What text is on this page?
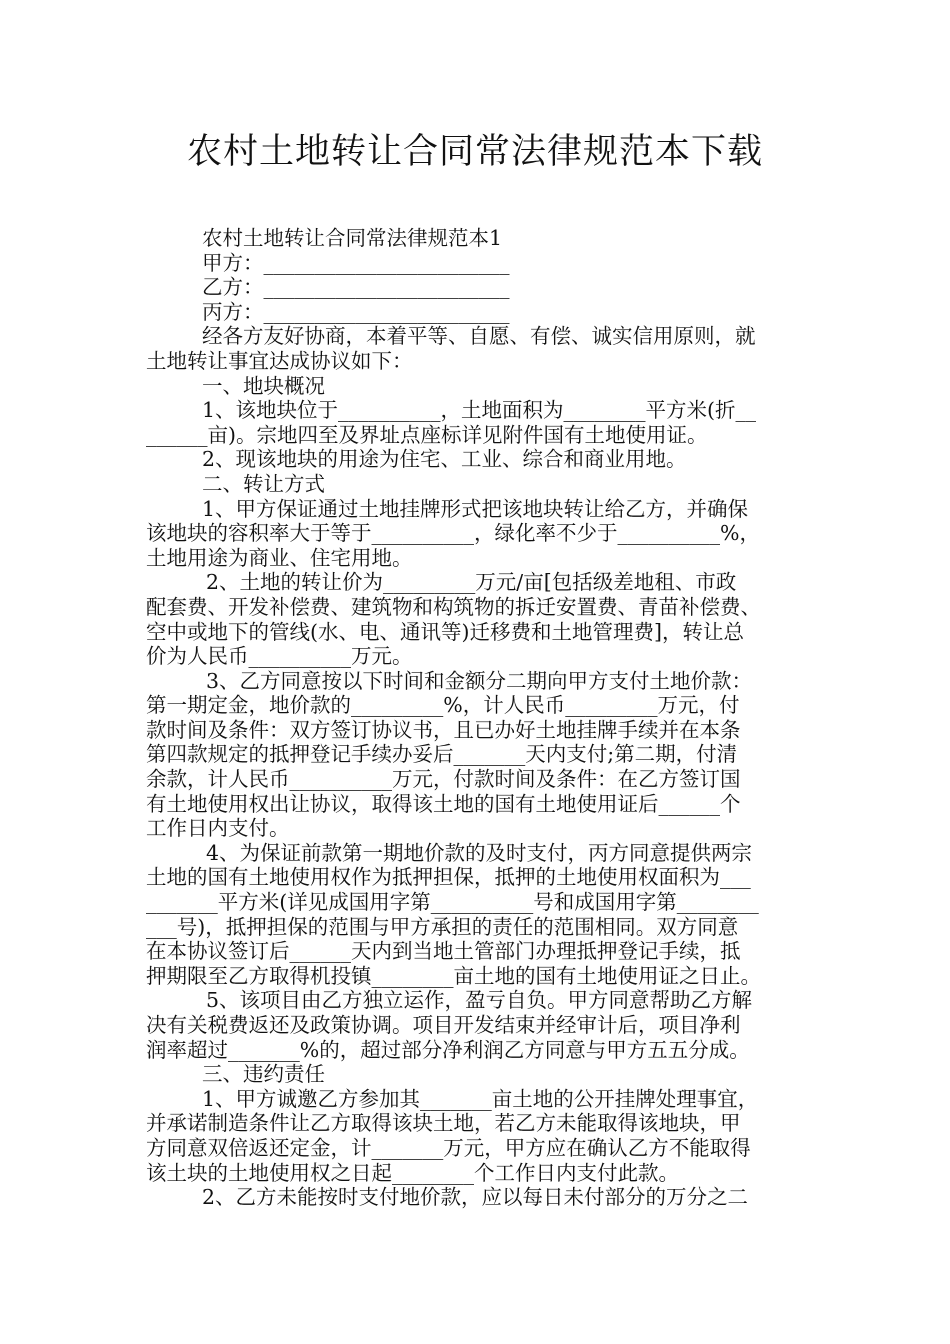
农村土地转让合同常法律规范本下载

农村土地转让合同常法律规范本1

甲方：________________________

乙方：________________________

丙方：________________________

经各方友好协商，本着平等、自愿、有偿、诚实信用原则，就

土地转让事宜达成协议如下：

一、地块概况

1、该地块位于__________，土地面积为________平方米(折__

______亩)。宗地四至及界址点座标详见附件国有土地使用证。

2、现该地块的用途为住宅、工业、综合和商业用地。

二、转让方式

1、甲方保证通过土地挂牌形式把该地块转让给乙方，并确保

该地块的容积率大于等于__________，绿化率不少于__________%，

土地用途为商业、住宅用地。

2、土地的转让价为_________万元/亩[包括级差地租、市政

配套费、开发补偿费、建筑物和构筑物的拆迁安置费、青苗补偿费、

空中或地下的管线(水、电、通讯等)迁移费和土地管理费]，转让总

价为人民币__________万元。

3、乙方同意按以下时间和金额分二期向甲方支付土地价款：

第一期定金，地价款的_________%，计人民币_________万元，付

款时间及条件：双方签订协议书，且已办好土地挂牌手续并在本条

第四款规定的抵押登记手续办妥后_______天内支付;第二期，付清

余款，计人民币__________万元，付款时间及条件：在乙方签订国

有土地使用权出让协议，取得该土地的国有土地使用证后______个

工作日内支付。

4、为保证前款第一期地价款的及时支付，丙方同意提供两宗

土地的国有土地使用权作为抵押担保，抵押的土地使用权面积为___

_______平方米(详见成国用字第__________号和成国用字第________

___号)，抵押担保的范围与甲方承担的责任的范围相同。双方同意

在本协议签订后______天内到当地土管部门办理抵押登记手续，抵

押期限至乙方取得机投镇________亩土地的国有土地使用证之日止。

5、该项目由乙方独立运作，盈亏自负。甲方同意帮助乙方解

决有关税费返还及政策协调。项目开发结束并经审计后，项目净利

润率超过_______%的，超过部分净利润乙方同意与甲方五五分成。

三、违约责任

1、甲方诚邀乙方参加其_______亩土地的公开挂牌处理事宜，

并承诺制造条件让乙方取得该块土地，若乙方未能取得该地块，甲

方同意双倍返还定金，计_______万元，甲方应在确认乙方不能取得

该土块的土地使用权之日起________个工作日内支付此款。

2、乙方未能按时支付地价款，应以每日未付部分的万分之二
